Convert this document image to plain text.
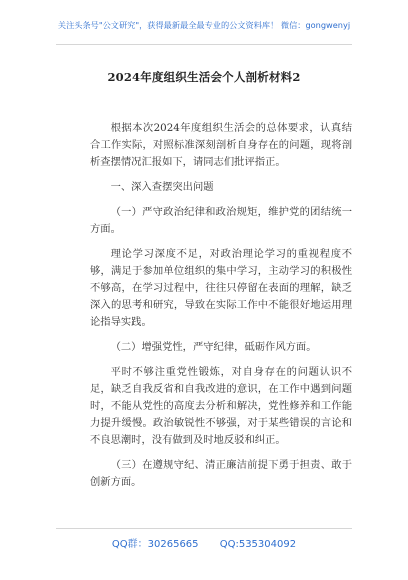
关注头条号"公文研究"，获得最新最全最专业的公文资料库！ 微信：gongwenyj
2024年度组织生活会个人剖析材料2

根据本次2024年度组织生活会的总体要求，认真结合工作实际，对照标准深刻剖析自身存在的问题，现将剖析查摆情况汇报如下，请同志们批评指正。

一、深入查摆突出问题

（一）严守政治纪律和政治规矩，维护党的团结统一方面。

理论学习深度不足，对政治理论学习的重视程度不够，满足于参加单位组织的集中学习，主动学习的积极性不够高，在学习过程中，往往只停留在表面的理解，缺乏深入的思考和研究，导致在实际工作中不能很好地运用理论指导实践。

（二）增强党性，严守纪律，砥砺作风方面。

平时不够注重党性锻炼，对自身存在的问题认识不足，缺乏自我反省和自我改进的意识，在工作中遇到问题时，不能从党性的高度去分析和解决，党性修养和工作能力提升缓慢。政治敏锐性不够强，对于某些错误的言论和不良思潮时，没有做到及时地反驳和纠正。

（三）在遵规守纪、清正廉洁前提下勇于担责、敢于创新方面。

QQ群：30265665 QQ:535304092
